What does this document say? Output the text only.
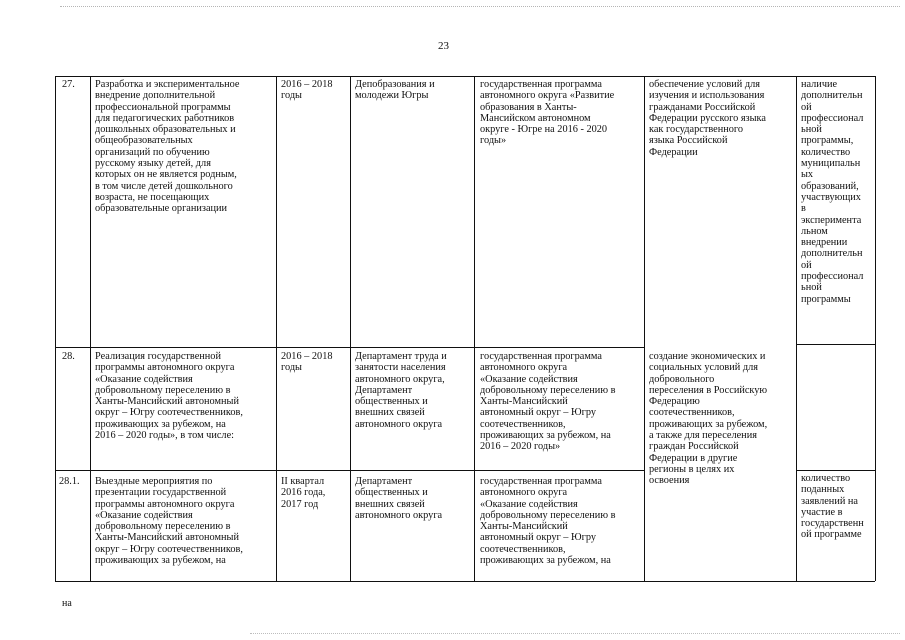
23
27. Разработка и экспериментальное
внедрение дополнительной
профессиональной программы
для педагогических работников
дошкольных образовательных и
общеобразовательных
организаций по обучению
русскому языку детей, для
которых он не является родным,
в том числе детей дошкольного
возраста, не посещающих
образовательные организации
2016 – 2018
годы
Депобразования и
молодежи Югры
государственная программа
автономного округа «Развитие
образования в Ханты-
Мансийском автономном
округе - Югре на 2016 - 2020
годы»
обеспечение условий для
изучения и использования
гражданами Российской
Федерации русского языка
как государственного
языка Российской
Федерации
наличие
дополнительн
ой
профессионал
ьной
программы,
количество
муниципальн
ых
образований,
участвующих
в
эксперимента
льном
внедрении
дополнительн
ой
профессионал
ьной
программы
28. Реализация государственной
программы автономного округа
«Оказание содействия
добровольному переселению в
Ханты-Мансийский автономный
округ – Югру соотечественников,
проживающих за рубежом, на
2016 – 2020 годы», в том числе:
2016 – 2018
годы
Департамент труда и
занятости населения
автономного округа,
Департамент
общественных и
внешних связей
автономного округа
государственная программа
автономного округа
«Оказание содействия
добровольному переселению в
Ханты-Мансийский
автономный округ – Югру
соотечественников,
проживающих за рубежом, на
2016 – 2020 годы»
создание экономических и
социальных условий для
добровольного
переселения в Российскую
Федерацию
соотечественников,
проживающих за рубежом,
а также для переселения
граждан Российской
Федерации в другие
регионы в целях их
освоения
28.1. Выездные мероприятия по
презентации государственной
программы автономного округа
«Оказание содействия
добровольному переселению в
Ханты-Мансийский автономный
округ – Югру соотечественников,
проживающих за рубежом, на
II квартал
2016 года,
2017 год
Департамент
общественных и
внешних связей
автономного округа
государственная программа
автономного округа
«Оказание содействия
добровольному переселению в
Ханты-Мансийский
автономный округ – Югру
соотечественников,
проживающих за рубежом, на
количество
поданных
заявлений на
участие в
государственн
ой программе
на
